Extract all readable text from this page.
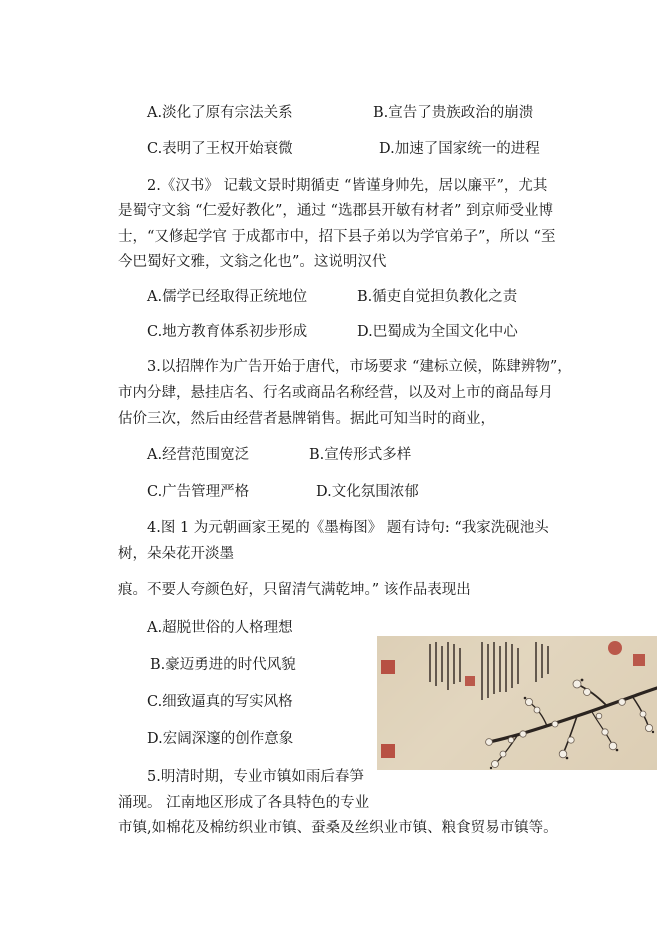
A.淡化了原有宗法关系	B.宣告了贵族政治的崩溃
C.表明了王权开始衰微	D.加速了国家统一的进程
2.《汉书》 记载文景时期循吏 “皆谨身帅先，居以廉平”，尤其
是蜀守文翁 “仁爱好教化”，通过 “选郡县开敏有材者” 到京师受业博
士，“又修起学官 于成都市中，招下县子弟以为学官弟子”，所以 “至
今巴蜀好文雅，文翁之化也”。这说明汉代
A.儒学已经取得正统地位	B.循吏自觉担负教化之责
C.地方教育体系初步形成	D.巴蜀成为全国文化中心
3.以招牌作为广告开始于唐代，市场要求 “建标立候，陈肆辨物”，
市内分肆，悬挂店名、行名或商品名称经营，以及对上市的商品每月
估价三次，然后由经营者悬牌销售。据此可知当时的商业，
A.经营范围宽泛	B.宣传形式多样
C.广告管理严格	D.文化氛围浓郁
4.图 1 为元朝画家王冕的《墨梅图》 题有诗句: “我家洗砚池头
树，朵朵花开淡墨
痕。不要人夸颜色好，只留清气满乾坤。” 该作品表现出
A.超脱世俗的人格理想
B.豪迈勇进的时代风貌
C.细致逼真的写实风格
D.宏阔深邃的创作意象
5.明清时期，专业市镇如雨后春笋
涌现。 江南地区形成了各具特色的专业
市镇,如棉花及棉纺织业市镇、蚕桑及丝织业市镇、粮食贸易市镇等。
